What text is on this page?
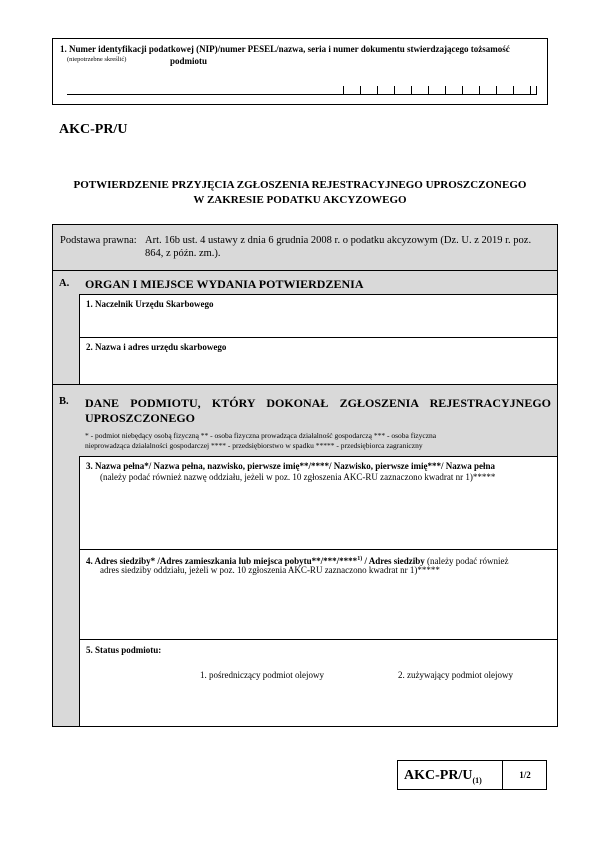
1. Numer identyfikacji podatkowej (NIP)/numer PESEL/nazwa, seria i numer dokumentu stwierdzającego tożsamość
(niepotrzebne skreślić)	podmiotu
AKC-PR/U
POTWIERDZENIE PRZYJĘCIA ZGŁOSZENIA REJESTRACYJNEGO UPROSZCZONEGO
W ZAKRESIE PODATKU AKCYZOWEGO
Podstawa prawna: Art. 16b ust. 4 ustawy z dnia 6 grudnia 2008 r. o podatku akcyzowym (Dz. U. z 2019 r. poz. 864, z późn. zm.).
A. ORGAN I MIEJSCE WYDANIA POTWIERDZENIA
1. Naczelnik Urzędu Skarbowego
2. Nazwa i adres urzędu skarbowego
B. DANE PODMIOTU, KTÓRY DOKONAŁ ZGŁOSZENIA REJESTRACYJNEGO
UPROSZCZONEGO
* - podmiot niebędący osobą fizyczną ** - osoba fizyczna prowadząca działalność gospodarczą *** - osoba fizyczna
nieprowadząca działalności gospodarczej **** - przedsiębiorstwo w spadku ***** - przedsiębiorca zagraniczny
3. Nazwa pełna*/ Nazwa pełna, nazwisko, pierwsze imię**/****/ Nazwisko, pierwsze imię***/ Nazwa pełna
(należy podać również nazwę oddziału, jeżeli w poz. 10 zgłoszenia AKC-RU zaznaczono kwadrat nr 1)*****
4. Adres siedziby* /Adres zamieszkania lub miejsca pobytu**/***/****$^{1)}$ / Adres siedziby (należy podać również
adres siedziby oddziału, jeżeli w poz. 10 zgłoszenia AKC-RU zaznaczono kwadrat nr 1)*****
5. Status podmiotu:
1. pośredniczący podmiot olejowy	2. zużywający podmiot olejowy
AKC-$PR/U_{(1)}$
1/2
